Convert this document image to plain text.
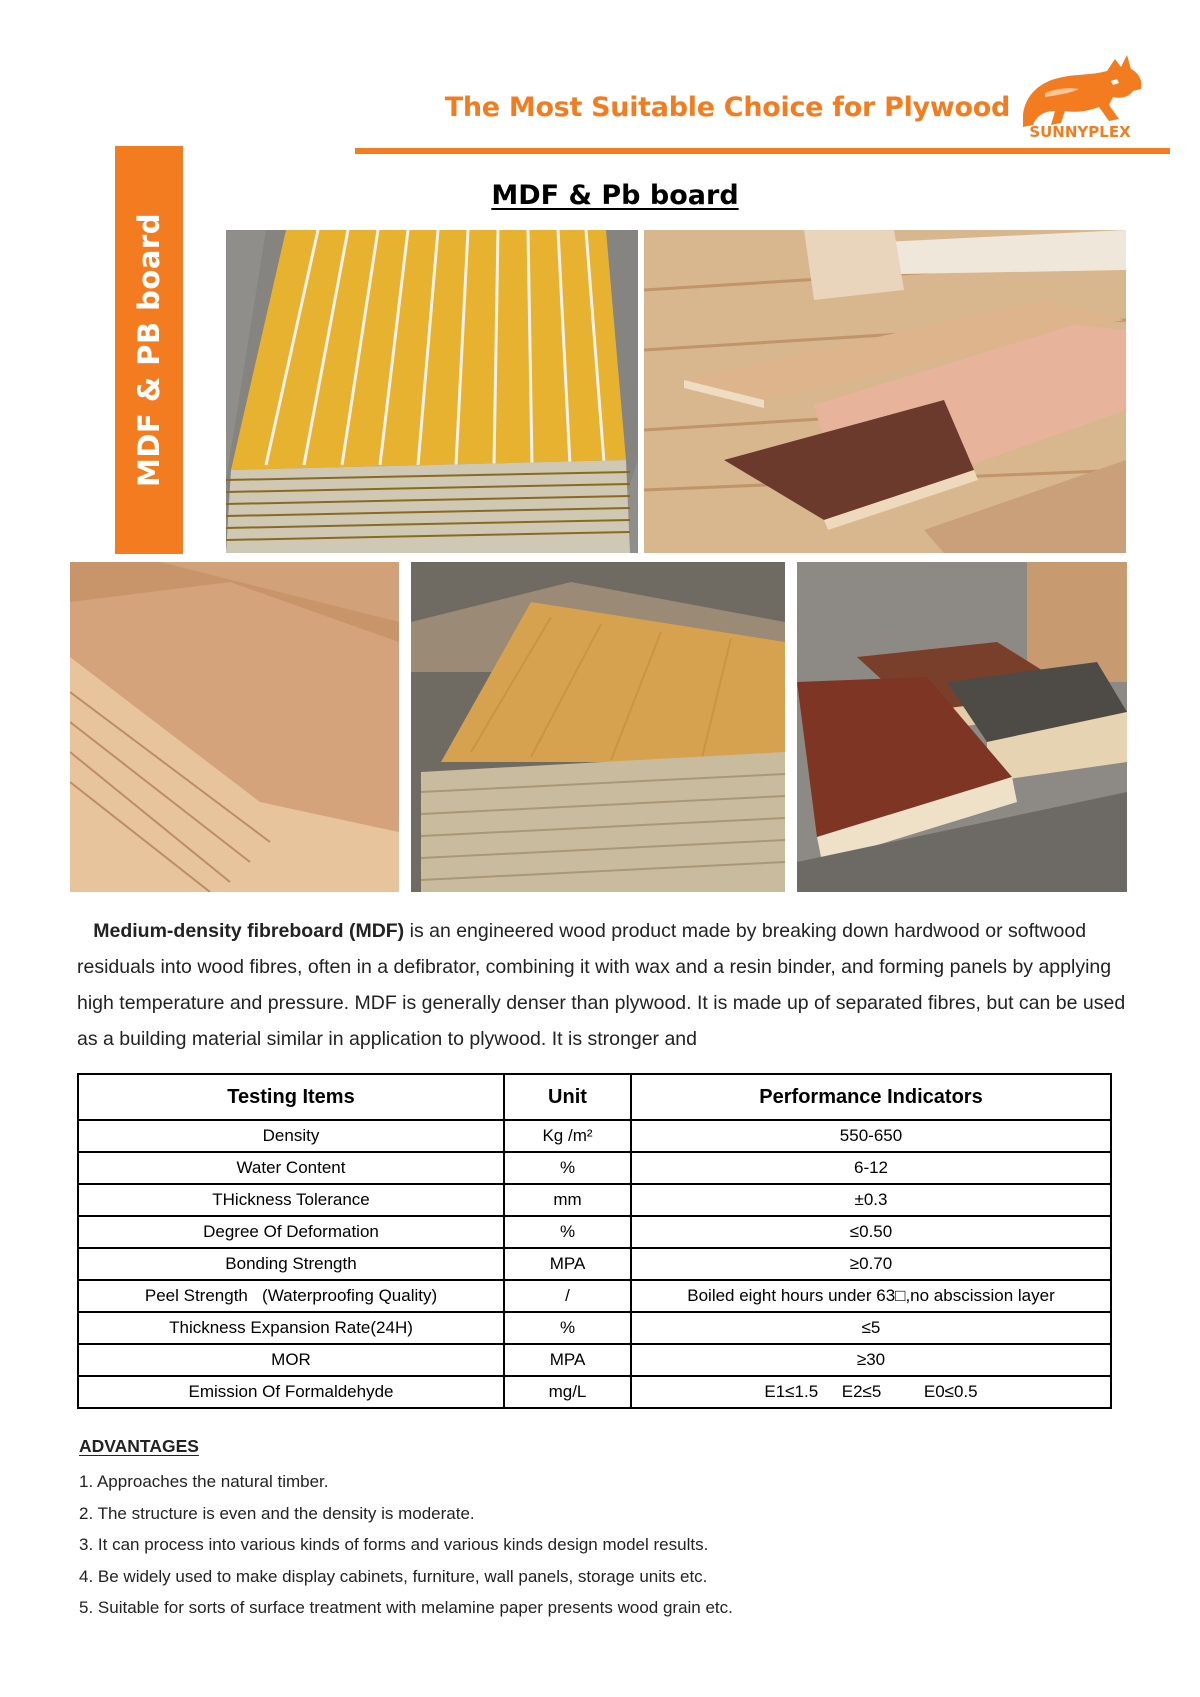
The Most Suitable Choice for Plywood
SUNNYPLEX
MDF & PB board
MDF & Pb board

Medium-density fibreboard (MDF) is an engineered wood product made by breaking down hardwood or softwood residuals into wood fibres, often in a defibrator, combining it with wax and a resin binder, and forming panels by applying high temperature and pressure. MDF is generally denser than plywood. It is made up of separated fibres, but can be used as a building material similar in application to plywood. It is stronger and

Testing Items	Unit	Performance Indicators
Density	Kg /m²	550-650
Water Content	%	6-12
THickness Tolerance	mm	±0.3
Degree Of Deformation	%	≤0.50
Bonding Strength	MPA	≥0.70
Peel Strength   (Waterproofing Quality)	/	Boiled eight hours under 63□,no abscission layer
Thickness Expansion Rate(24H)	%	≤5
MOR	MPA	≥30
Emission Of Formaldehyde	mg/L	E1≤1.5     E2≤5         E0≤0.5
ADVANTAGES
1. Approaches the natural timber.
2. The structure is even and the density is moderate.
3. It can process into various kinds of forms and various kinds design model results.
4. Be widely used to make display cabinets, furniture, wall panels, storage units etc.
5. Suitable for sorts of surface treatment with melamine paper presents wood grain etc.
